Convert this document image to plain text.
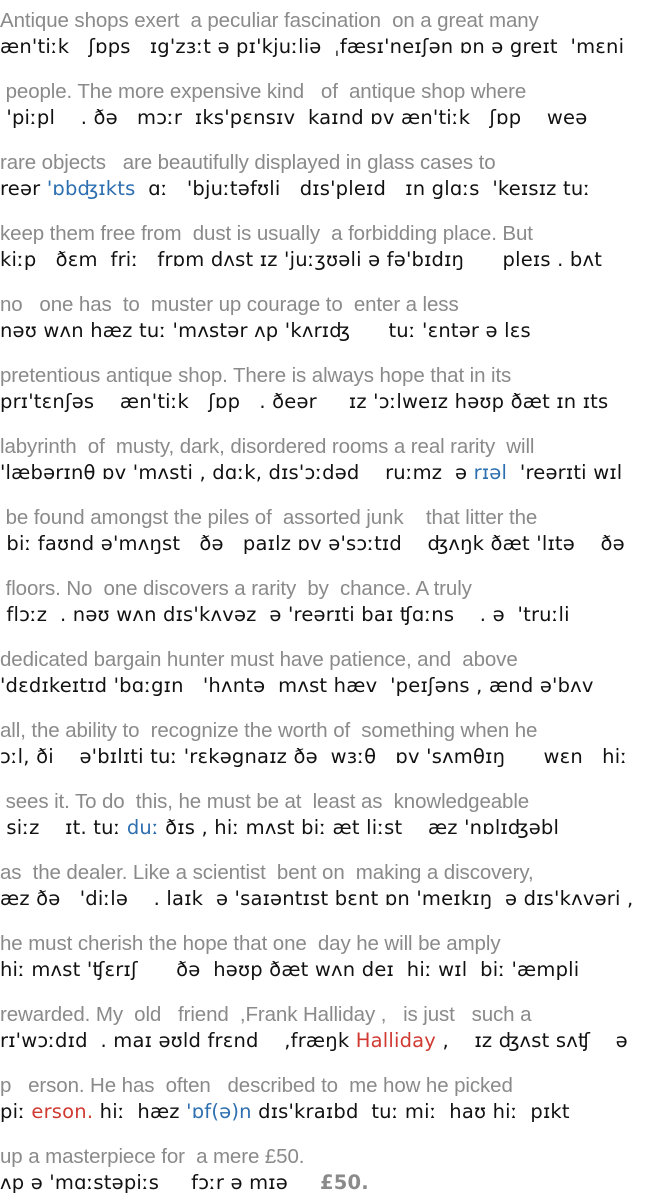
Antique shops exert  a peculiar fascination  on a great many
æn'tiːk   ʃɒps   ɪg'zɜːt ə pɪ'kjuːliə  ˌfæsɪ'neɪʃən ɒn ə greɪt  'mɛni
people. The more expensive kind   of  antique shop where
'piːpl    . ðə   mɔːr  ɪks'pɛnsɪv  kaɪnd ɒv æn'tiːk   ʃɒp    weə
rare objects   are beautifully displayed in glass cases to
reər 'ɒbʤɪkts  ɑː   'bjuːtəfʊli   dɪs'pleɪd   ɪn glɑːs  'keɪsɪz tuː
keep them free from  dust is usually  a forbidding place. But
kiːp   ðɛm  friː   frɒm dʌst ɪz 'juːʒʊəli ə fə'bɪdɪŋ      pleɪs . bʌt
no   one has  to  muster up courage to  enter a less
nəʊ wʌn hæz tuː 'mʌstər ʌp 'kʌrɪʤ      tuː 'ɛntər ə lɛs
pretentious antique shop. There is always hope that in its
prɪ'tɛnʃəs    æn'tiːk   ʃɒp   . ðeər     ɪz 'ɔːlweɪz həʊp ðæt ɪn ɪts
labyrinth  of  musty, dark, disordered rooms a real rarity  will
'læbərɪnθ ɒv 'mʌsti , dɑːk, dɪs'ɔːdəd    ruːmz  ə rɪəl  'reərɪti wɪl
be found amongst the piles of  assorted junk    that litter the
biː faʊnd ə'mʌŋst   ðə   paɪlz ɒv ə'sɔːtɪd    ʤʌŋk ðæt 'lɪtə    ðə
floors. No  one discovers a rarity  by  chance. A truly
flɔːz  . nəʊ wʌn dɪs'kʌvəz  ə 'reərɪti baɪ ʧɑːns    . ə  'truːli
dedicated bargain hunter must have patience, and  above
'dɛdɪkeɪtɪd 'bɑːgɪn   'hʌntə  mʌst hæv  'peɪʃəns , ænd ə'bʌv
all, the ability to  recognize the worth of  something when he
ɔːl, ði    ə'bɪlɪti tuː 'rɛkəgnaɪz ðə  wɜːθ   ɒv 'sʌmθɪŋ      wɛn   hiː
sees it. To do  this, he must be at  least as  knowledgeable
siːz    ɪt. tuː duː ðɪs , hiː mʌst biː æt liːst    æz 'nɒlɪʤəbl
as  the dealer. Like a scientist  bent on  making a discovery,
æz ðə   'diːlə    . laɪk  ə 'saɪəntɪst bɛnt ɒn 'meɪkɪŋ  ə dɪs'kʌvəri ,
he must cherish the hope that one  day he will be amply
hiː mʌst 'ʧɛrɪʃ      ðə  həʊp ðæt wʌn deɪ  hiː wɪl  biː 'æmpli
rewarded. My  old   friend  ,Frank Halliday ,   is just   such a
rɪ'wɔːdɪd  . maɪ əʊld frɛnd    ,fræŋk Halliday ,    ɪz ʤʌst sʌʧ    ə
p   erson. He has  often   described to  me how he picked
piː erson. hiː  hæz 'ɒf(ə)n dɪs'kraɪbd  tuː miː  haʊ hiː  pɪkt
up a masterpiece for  a mere £50.
ʌp ə 'mɑːstəpiːs     fɔːr ə mɪə     £50.
